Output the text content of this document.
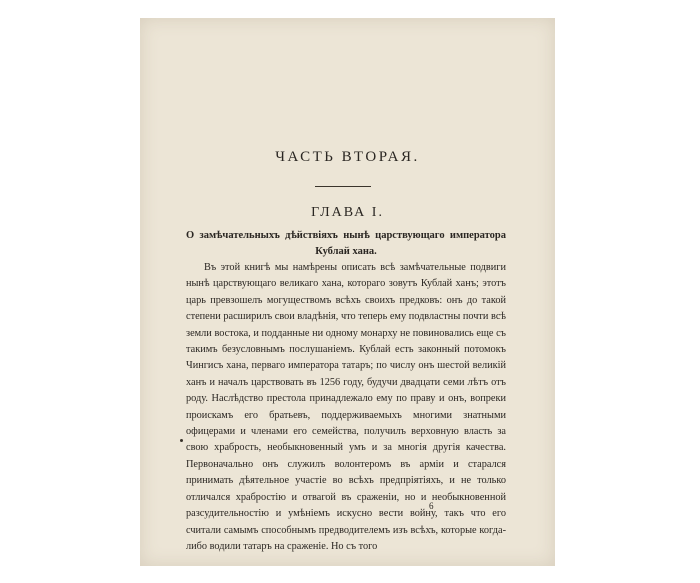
ЧАСТЬ ВТОРАЯ.
ГЛАВА I.

О замѣчательныхъ дѣйствіяхъ нынѣ царствующаго императора Кублай хана.

Въ этой книгѣ мы намѣрены описать всѣ замѣчательные подвиги нынѣ царствующаго великаго хана, котораго зовутъ Кублай ханъ; этотъ царь превзошелъ могуществомъ всѣхъ своихъ предковъ: онъ до такой степени расширилъ свои владѣнія, что теперь ему подвластны почти всѣ земли востока, и подданные ни одному монарху не повиновались еще съ такимъ безусловнымъ послушаніемъ. Кублай есть законный потомокъ Чингисъ хана, перваго императора татаръ; по числу онъ шестой великій ханъ и началъ царствовать въ 1256 году, будучи двадцати семи лѣтъ отъ роду. Наслѣдство престола принадлежало ему по праву и онъ, вопреки проискамъ его братьевъ, поддерживаемыхъ многими знатными офицерами и членами его семейства, получилъ верховную власть за свою храбрость, необыкновенный умъ и за многія другія качества. Первоначально онъ служилъ волонтеромъ въ арміи и старался принимать дѣятельное участіе во всѣхъ предпріятіяхъ, и не только отличался храбростію и отвагой въ сраженіи, но и необыкновенной разсудительностію и умѣніемъ искусно вести войну, такъ что его считали самымъ способнымъ предводителемъ изъ всѣхъ, которые когда-либо водили татаръ на сраженіе. Но съ того

6
